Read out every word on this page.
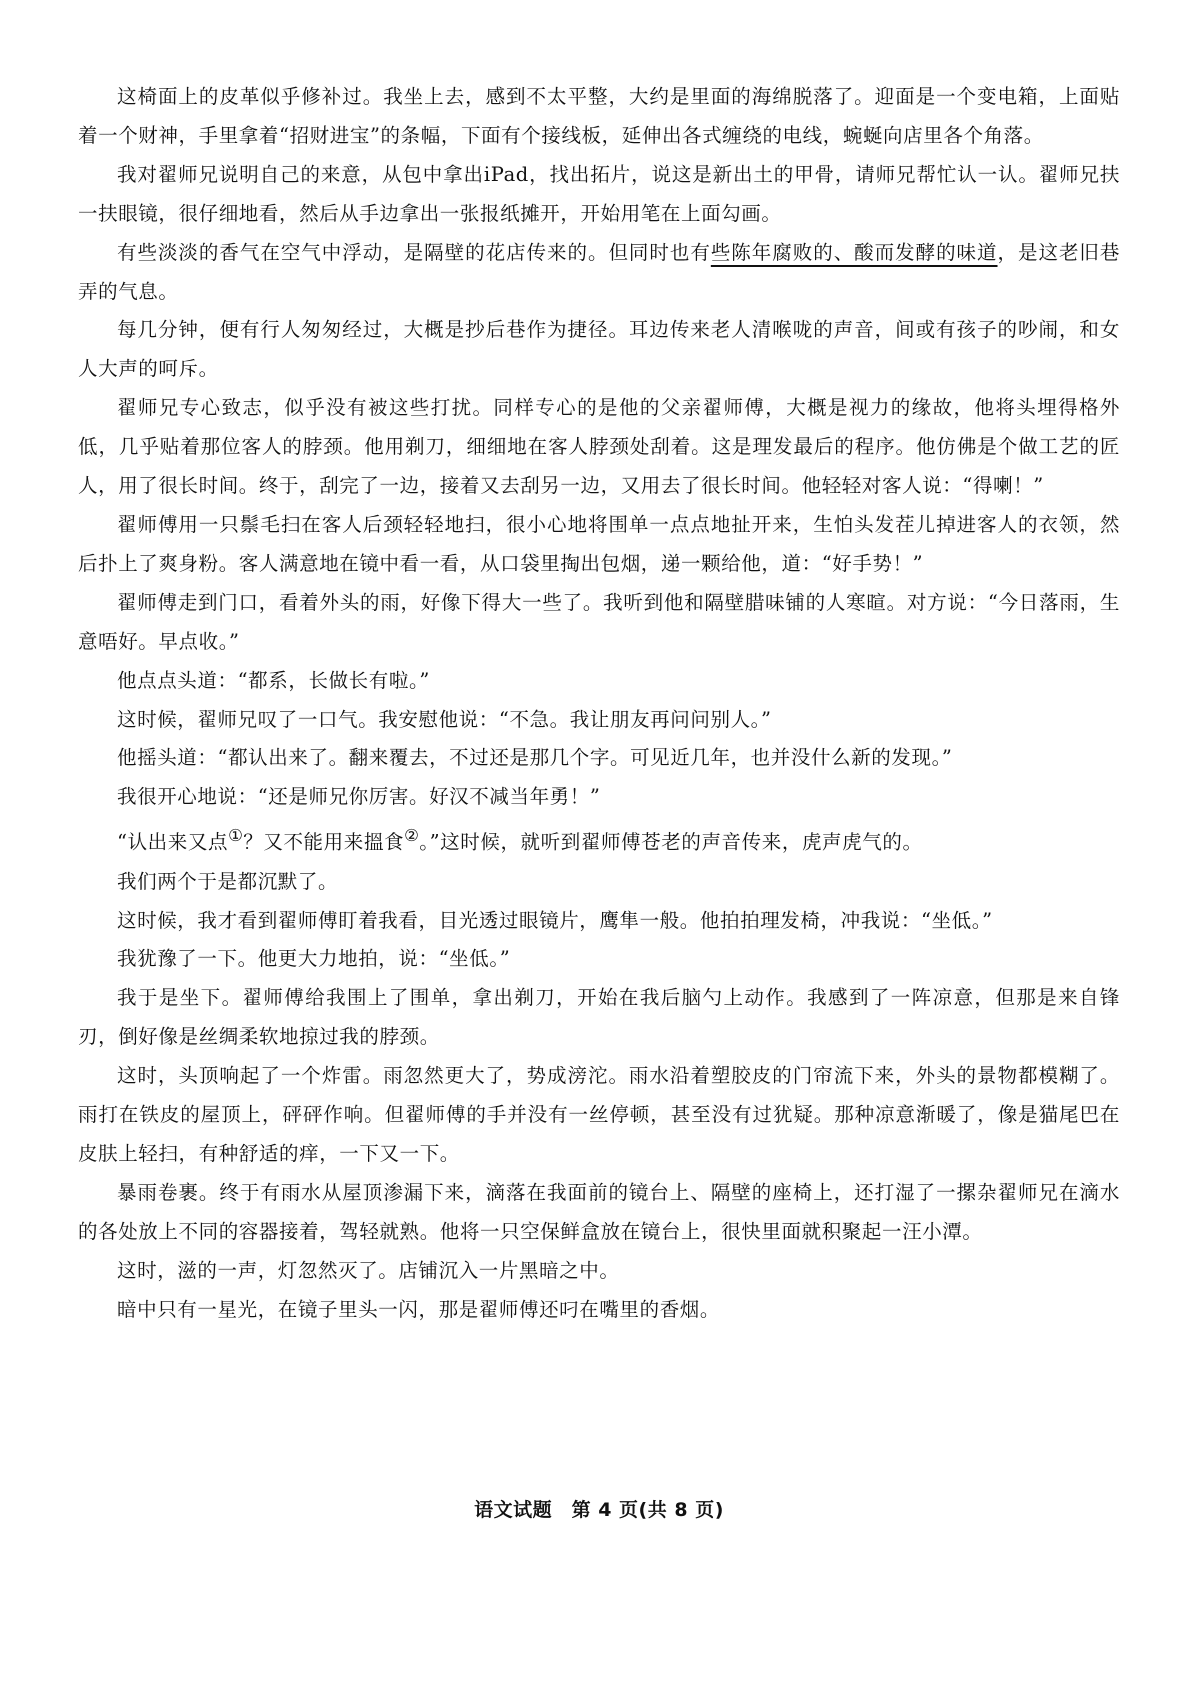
这椅面上的皮革似乎修补过。我坐上去，感到不太平整，大约是里面的海绵脱落了。迎面是一个变电箱，上面贴着一个财神，手里拿着“招财进宝”的条幅，下面有个接线板，延伸出各式缠绕的电线，蜿蜒向店里各个角落。

我对翟师兄说明自己的来意，从包中拿出iPad，找出拓片，说这是新出土的甲骨，请师兄帮忙认一认。翟师兄扶一扶眼镜，很仔细地看，然后从手边拿出一张报纸摊开，开始用笔在上面勾画。

有些淡淡的香气在空气中浮动，是隔壁的花店传来的。但同时也有些陈年腐败的、酸而发酵的味道，是这老旧巷弄的气息。

每几分钟，便有行人匆匆经过，大概是抄后巷作为捷径。耳边传来老人清喉咙的声音，间或有孩子的吵闹，和女人大声的呵斥。

翟师兄专心致志，似乎没有被这些打扰。同样专心的是他的父亲翟师傅，大概是视力的缘故，他将头埋得格外低，几乎贴着那位客人的脖颈。他用剃刀，细细地在客人脖颈处刮着。这是理发最后的程序。他仿佛是个做工艺的匠人，用了很长时间。终于，刮完了一边，接着又去刮另一边，又用去了很长时间。他轻轻对客人说：“得喇！”

翟师傅用一只鬃毛扫在客人后颈轻轻地扫，很小心地将围单一点点地扯开来，生怕头发茬儿掉进客人的衣领，然后扑上了爽身粉。客人满意地在镜中看一看，从口袋里掏出包烟，递一颗给他，道：“好手势！”

翟师傅走到门口，看着外头的雨，好像下得大一些了。我听到他和隔壁腊味铺的人寒暄。对方说：“今日落雨，生意唔好。早点收。”

他点点头道：“都系，长做长有啦。”

这时候，翟师兄叹了一口气。我安慰他说：“不急。我让朋友再问问别人。”

他摇头道：“都认出来了。翻来覆去，不过还是那几个字。可见近几年，也并没什么新的发现。”

我很开心地说：“还是师兄你厉害。好汉不减当年勇！”

“认出来又点①？又不能用来搵食②。”这时候，就听到翟师傅苍老的声音传来，虎声虎气的。

我们两个于是都沉默了。

这时候，我才看到翟师傅盯着我看，目光透过眼镜片，鹰隼一般。他拍拍理发椅，冲我说：“坐低。”

我犹豫了一下。他更大力地拍，说：“坐低。”

我于是坐下。翟师傅给我围上了围单，拿出剃刀，开始在我后脑勺上动作。我感到了一阵凉意，但那是来自锋刃，倒好像是丝绸柔软地掠过我的脖颈。

这时，头顶响起了一个炸雷。雨忽然更大了，势成滂沱。雨水沿着塑胶皮的门帘流下来，外头的景物都模糊了。雨打在铁皮的屋顶上，砰砰作响。但翟师傅的手并没有一丝停顿，甚至没有过犹疑。那种凉意渐暖了，像是猫尾巴在皮肤上轻扫，有种舒适的痒，一下又一下。

暴雨卷裹。终于有雨水从屋顶渗漏下来，滴落在我面前的镜台上、隔壁的座椅上，还打湿了一摞杂翟师兄在滴水的各处放上不同的容器接着，驾轻就熟。他将一只空保鲜盒放在镜台上，很快里面就积聚起一汪小潭。

这时，滋的一声，灯忽然灭了。店铺沉入一片黑暗之中。

暗中只有一星光，在镜子里头一闪，那是翟师傅还叼在嘴里的香烟。

语文试题　第 4 页(共 8 页)
